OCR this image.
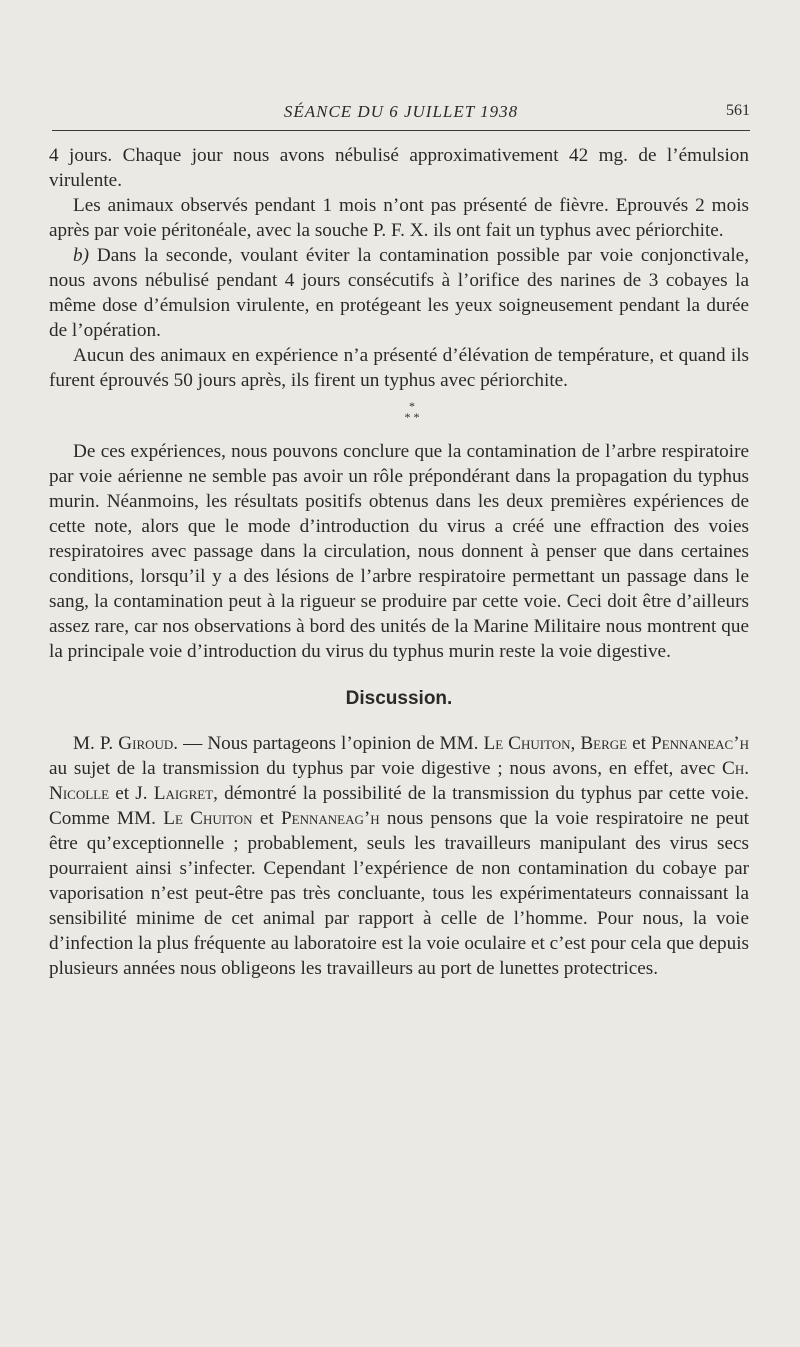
SÉANCE DU 6 JUILLET 1938	561

4 jours. Chaque jour nous avons nébulisé approximativement 42 mg. de l’émulsion virulente.

Les animaux observés pendant 1 mois n’ont pas présenté de fièvre. Eprouvés 2 mois après par voie péritonéale, avec la souche P. F. X. ils ont fait un typhus avec périorchite.

b) Dans la seconde, voulant éviter la contamination possible par voie conjonctivale, nous avons nébulisé pendant 4 jours consécutifs à l’orifice des narines de 3 cobayes la même dose d’émulsion virulente, en protégeant les yeux soigneusement pendant la durée de l’opération.

Aucun des animaux en expérience n’a présenté d’élévation de température, et quand ils furent éprouvés 50 jours après, ils firent un typhus avec périorchite.

*
* *

De ces expériences, nous pouvons conclure que la contamination de l’arbre respiratoire par voie aérienne ne semble pas avoir un rôle prépondérant dans la propagation du typhus murin. Néanmoins, les résultats positifs obtenus dans les deux premières expériences de cette note, alors que le mode d’introduction du virus a créé une effraction des voies respiratoires avec passage dans la circulation, nous donnent à penser que dans certaines conditions, lorsqu’il y a des lésions de l’arbre respiratoire permettant un passage dans le sang, la contamination peut à la rigueur se produire par cette voie. Ceci doit être d’ailleurs assez rare, car nos observations à bord des unités de la Marine Militaire nous montrent que la principale voie d’introduction du virus du typhus murin reste la voie digestive.

Discussion.

M. P. Giroud. — Nous partageons l’opinion de MM. Le Chuiton, Berge et Pennaneac’h au sujet de la transmission du typhus par voie digestive ; nous avons, en effet, avec Ch. Nicolle et J. Laigret, démontré la possibilité de la transmission du typhus par cette voie. Comme MM. Le Chuiton et Pennaneag’h nous pensons que la voie respiratoire ne peut être qu’exceptionnelle ; probablement, seuls les travailleurs manipulant des virus secs pourraient ainsi s’infecter. Cependant l’expérience de non contamination du cobaye par vaporisation n’est peut-être pas très concluante, tous les expérimentateurs connaissant la sensibilité minime de cet animal par rapport à celle de l’homme. Pour nous, la voie d’infection la plus fréquente au laboratoire est la voie oculaire et c’est pour cela que depuis plusieurs années nous obligeons les travailleurs au port de lunettes protectrices.
